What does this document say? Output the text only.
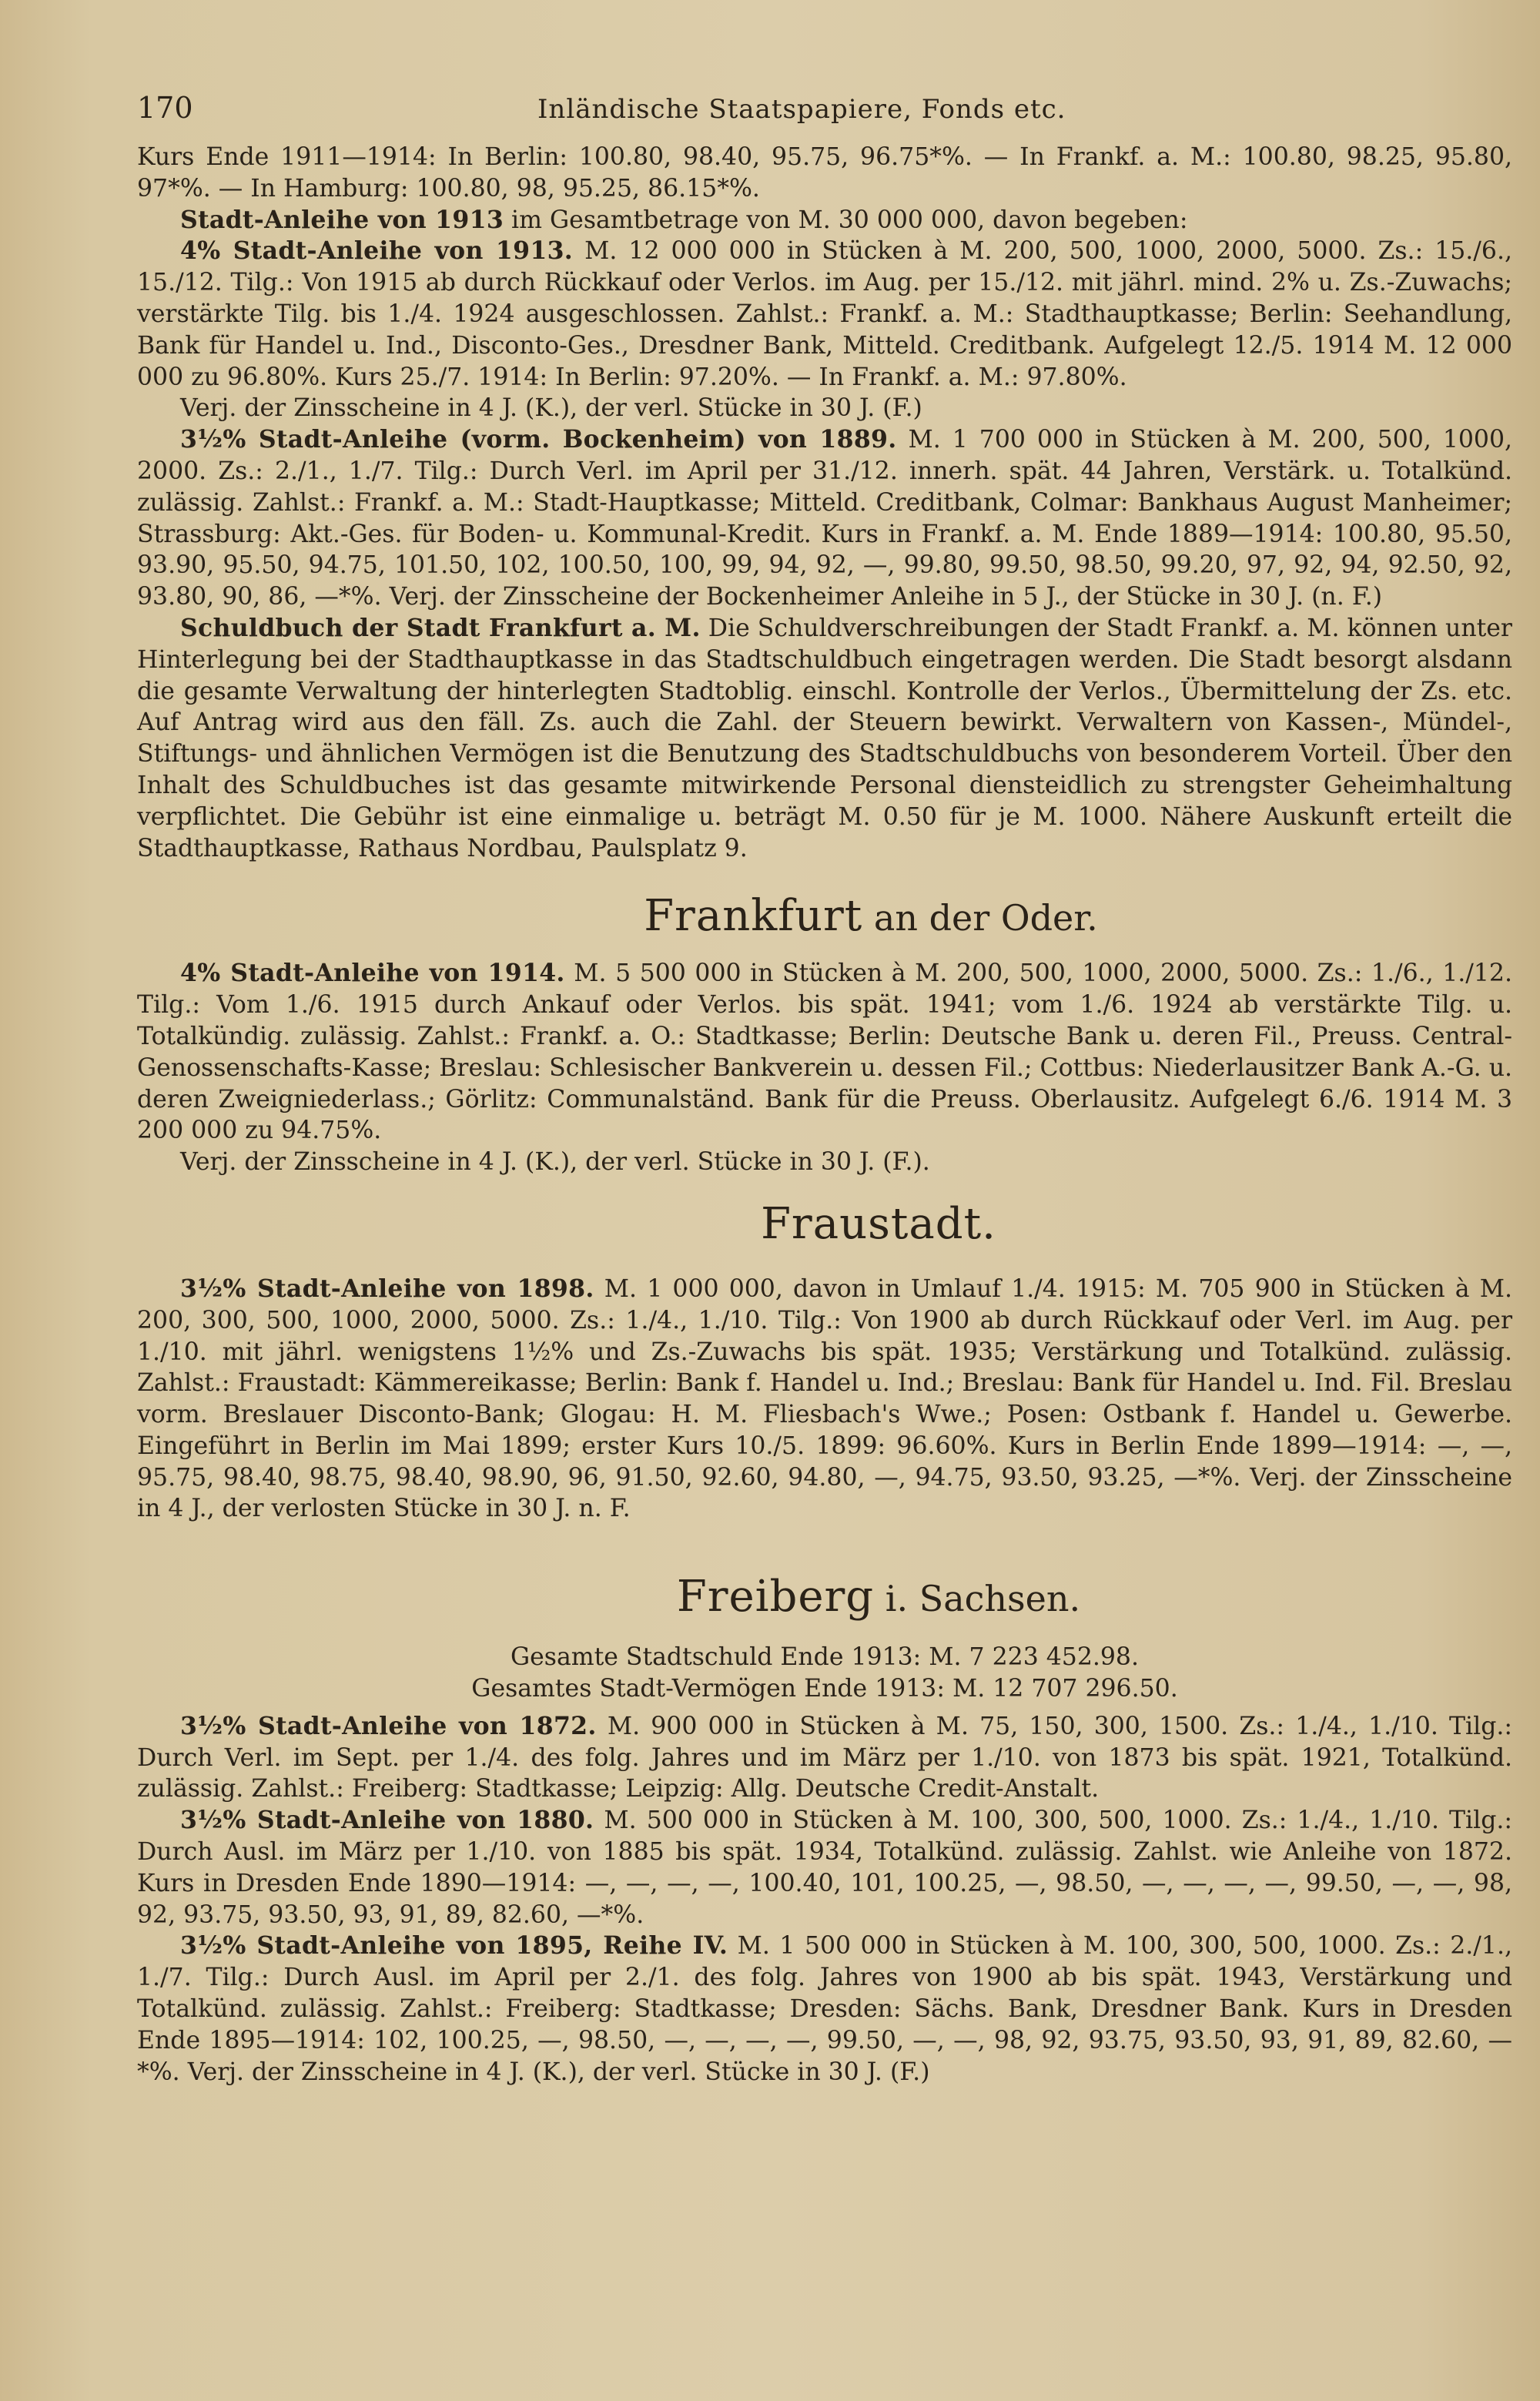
170	Inländische Staatspapiere, Fonds etc.

Kurs Ende 1911—1914: In Berlin: 100.80, 98.40, 95.75, 96.75*%. — In Frankf. a. M.: 100.80, 98.25, 95.80, 97*%. — In Hamburg: 100.80, 98, 95.25, 86.15*%.

Stadt-Anleihe von 1913 im Gesamtbetrage von M. 30 000 000, davon begeben:

4% Stadt-Anleihe von 1913. M. 12 000 000 in Stücken à M. 200, 500, 1000, 2000, 5000. Zs.: 15./6., 15./12. Tilg.: Von 1915 ab durch Rückkauf oder Verlos. im Aug. per 15./12. mit jährl. mind. 2% u. Zs.-Zuwachs; verstärkte Tilg. bis 1./4. 1924 ausgeschlossen. Zahlst.: Frankf. a. M.: Stadthauptkasse; Berlin: Seehandlung, Bank für Handel u. Ind., Disconto-Ges., Dresdner Bank, Mitteld. Creditbank. Aufgelegt 12./5. 1914 M. 12 000 000 zu 96.80%. Kurs 25./7. 1914: In Berlin: 97.20%. — In Frankf. a. M.: 97.80%.

Verj. der Zinsscheine in 4 J. (K.), der verl. Stücke in 30 J. (F.)

3½% Stadt-Anleihe (vorm. Bockenheim) von 1889. M. 1 700 000 in Stücken à M. 200, 500, 1000, 2000. Zs.: 2./1., 1./7. Tilg.: Durch Verl. im April per 31./12. innerh. spät. 44 Jahren, Verstärk. u. Totalkünd. zulässig. Zahlst.: Frankf. a. M.: Stadt-Hauptkasse; Mitteld. Creditbank, Colmar: Bankhaus August Manheimer; Strassburg: Akt.-Ges. für Boden- u. Kommunal-Kredit. Kurs in Frankf. a. M. Ende 1889—1914: 100.80, 95.50, 93.90, 95.50, 94.75, 101.50, 102, 100.50, 100, 99, 94, 92, —, 99.80, 99.50, 98.50, 99.20, 97, 92, 94, 92.50, 92, 93.80, 90, 86, —*%. Verj. der Zinsscheine der Bockenheimer Anleihe in 5 J., der Stücke in 30 J. (n. F.)

Schuldbuch der Stadt Frankfurt a. M. Die Schuldverschreibungen der Stadt Frankf. a. M. können unter Hinterlegung bei der Stadthauptkasse in das Stadtschuldbuch eingetragen werden. Die Stadt besorgt alsdann die gesamte Verwaltung der hinterlegten Stadtoblig. einschl. Kontrolle der Verlos., Übermittelung der Zs. etc. Auf Antrag wird aus den fäll. Zs. auch die Zahl. der Steuern bewirkt. Verwaltern von Kassen-, Mündel-, Stiftungs- und ähnlichen Vermögen ist die Benutzung des Stadtschuldbuchs von besonderem Vorteil. Über den Inhalt des Schuldbuches ist das gesamte mitwirkende Personal diensteidlich zu strengster Geheimhaltung verpflichtet. Die Gebühr ist eine einmalige u. beträgt M. 0.50 für je M. 1000. Nähere Auskunft erteilt die Stadthauptkasse, Rathaus Nordbau, Paulsplatz 9.

Frankfurt an der Oder.

4% Stadt-Anleihe von 1914. M. 5 500 000 in Stücken à M. 200, 500, 1000, 2000, 5000. Zs.: 1./6., 1./12. Tilg.: Vom 1./6. 1915 durch Ankauf oder Verlos. bis spät. 1941; vom 1./6. 1924 ab verstärkte Tilg. u. Totalkündig. zulässig. Zahlst.: Frankf. a. O.: Stadtkasse; Berlin: Deutsche Bank u. deren Fil., Preuss. Central-Genossenschafts-Kasse; Breslau: Schlesischer Bankverein u. dessen Fil.; Cottbus: Niederlausitzer Bank A.-G. u. deren Zweigniederlass.; Görlitz: Communalständ. Bank für die Preuss. Oberlausitz. Aufgelegt 6./6. 1914 M. 3 200 000 zu 94.75%.

Verj. der Zinsscheine in 4 J. (K.), der verl. Stücke in 30 J. (F.).

Fraustadt.

3½% Stadt-Anleihe von 1898. M. 1 000 000, davon in Umlauf 1./4. 1915: M. 705 900 in Stücken à M. 200, 300, 500, 1000, 2000, 5000. Zs.: 1./4., 1./10. Tilg.: Von 1900 ab durch Rückkauf oder Verl. im Aug. per 1./10. mit jährl. wenigstens 1½% und Zs.-Zuwachs bis spät. 1935; Verstärkung und Totalkünd. zulässig. Zahlst.: Fraustadt: Kämmereikasse; Berlin: Bank f. Handel u. Ind.; Breslau: Bank für Handel u. Ind. Fil. Breslau vorm. Breslauer Disconto-Bank; Glogau: H. M. Fliesbach's Wwe.; Posen: Ostbank f. Handel u. Gewerbe. Eingeführt in Berlin im Mai 1899; erster Kurs 10./5. 1899: 96.60%. Kurs in Berlin Ende 1899—1914: —, —, 95.75, 98.40, 98.75, 98.40, 98.90, 96, 91.50, 92.60, 94.80, —, 94.75, 93.50, 93.25, —*%. Verj. der Zinsscheine in 4 J., der verlosten Stücke in 30 J. n. F.

Freiberg i. Sachsen.
Gesamte Stadtschuld Ende 1913: M. 7 223 452.98.
Gesamtes Stadt-Vermögen Ende 1913: M. 12 707 296.50.

3½% Stadt-Anleihe von 1872. M. 900 000 in Stücken à M. 75, 150, 300, 1500. Zs.: 1./4., 1./10. Tilg.: Durch Verl. im Sept. per 1./4. des folg. Jahres und im März per 1./10. von 1873 bis spät. 1921, Totalkünd. zulässig. Zahlst.: Freiberg: Stadtkasse; Leipzig: Allg. Deutsche Credit-Anstalt.

3½% Stadt-Anleihe von 1880. M. 500 000 in Stücken à M. 100, 300, 500, 1000. Zs.: 1./4., 1./10. Tilg.: Durch Ausl. im März per 1./10. von 1885 bis spät. 1934, Totalkünd. zulässig. Zahlst. wie Anleihe von 1872. Kurs in Dresden Ende 1890—1914: —, —, —, —, 100.40, 101, 100.25, —, 98.50, —, —, —, —, 99.50, —, —, 98, 92, 93.75, 93.50, 93, 91, 89, 82.60, —*%.

3½% Stadt-Anleihe von 1895, Reihe IV. M. 1 500 000 in Stücken à M. 100, 300, 500, 1000. Zs.: 2./1., 1./7. Tilg.: Durch Ausl. im April per 2./1. des folg. Jahres von 1900 ab bis spät. 1943, Verstärkung und Totalkünd. zulässig. Zahlst.: Freiberg: Stadtkasse; Dresden: Sächs. Bank, Dresdner Bank. Kurs in Dresden Ende 1895—1914: 102, 100.25, —, 98.50, —, —, —, —, 99.50, —, —, 98, 92, 93.75, 93.50, 93, 91, 89, 82.60, —*%. Verj. der Zinsscheine in 4 J. (K.), der verl. Stücke in 30 J. (F.)
